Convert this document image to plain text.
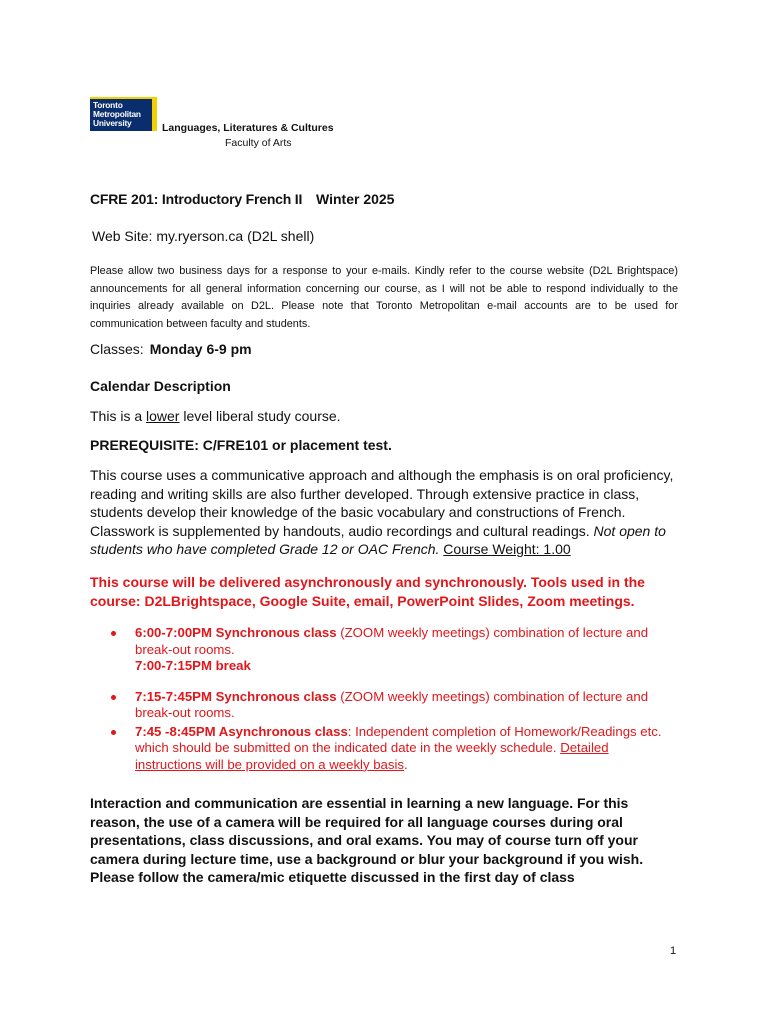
Toronto
Metropolitan
University	Languages, Literatures & Cultures
Faculty of Arts
CFRE 201: Introductory French II Winter 2025
Web Site: my.ryerson.ca (D2L shell)
Please allow two business days for a response to your e-mails. Kindly refer to the course website (D2L Brightspace) announcements for all general information concerning our course, as I will not be able to respond individually to the inquiries already available on D2L. Please note that Toronto Metropolitan e-mail accounts are to be used for communication between faculty and students.
Classes: Monday 6-9 pm
Calendar Description
This is a lower level liberal study course.
PREREQUISITE: C/FRE101 or placement test.
This course uses a communicative approach and although the emphasis is on oral proficiency, reading and writing skills are also further developed. Through extensive practice in class, students develop their knowledge of the basic vocabulary and constructions of French. Classwork is supplemented by handouts, audio recordings and cultural readings. Not open to students who have completed Grade 12 or OAC French. Course Weight: 1.00
This course will be delivered asynchronously and synchronously. Tools used in the course: D2LBrightspace, Google Suite, email, PowerPoint Slides, Zoom meetings.
6:00-7:00PM Synchronous class (ZOOM weekly meetings) combination of lecture and break-out rooms.
7:00-7:15PM break
7:15-7:45PM Synchronous class (ZOOM weekly meetings) combination of lecture and break-out rooms.
7:45 -8:45PM Asynchronous class: Independent completion of Homework/Readings etc. which should be submitted on the indicated date in the weekly schedule. Detailed instructions will be provided on a weekly basis.
Interaction and communication are essential in learning a new language. For this reason, the use of a camera will be required for all language courses during oral presentations, class discussions, and oral exams. You may of course turn off your camera during lecture time, use a background or blur your background if you wish. Please follow the camera/mic etiquette discussed in the first day of class
1
